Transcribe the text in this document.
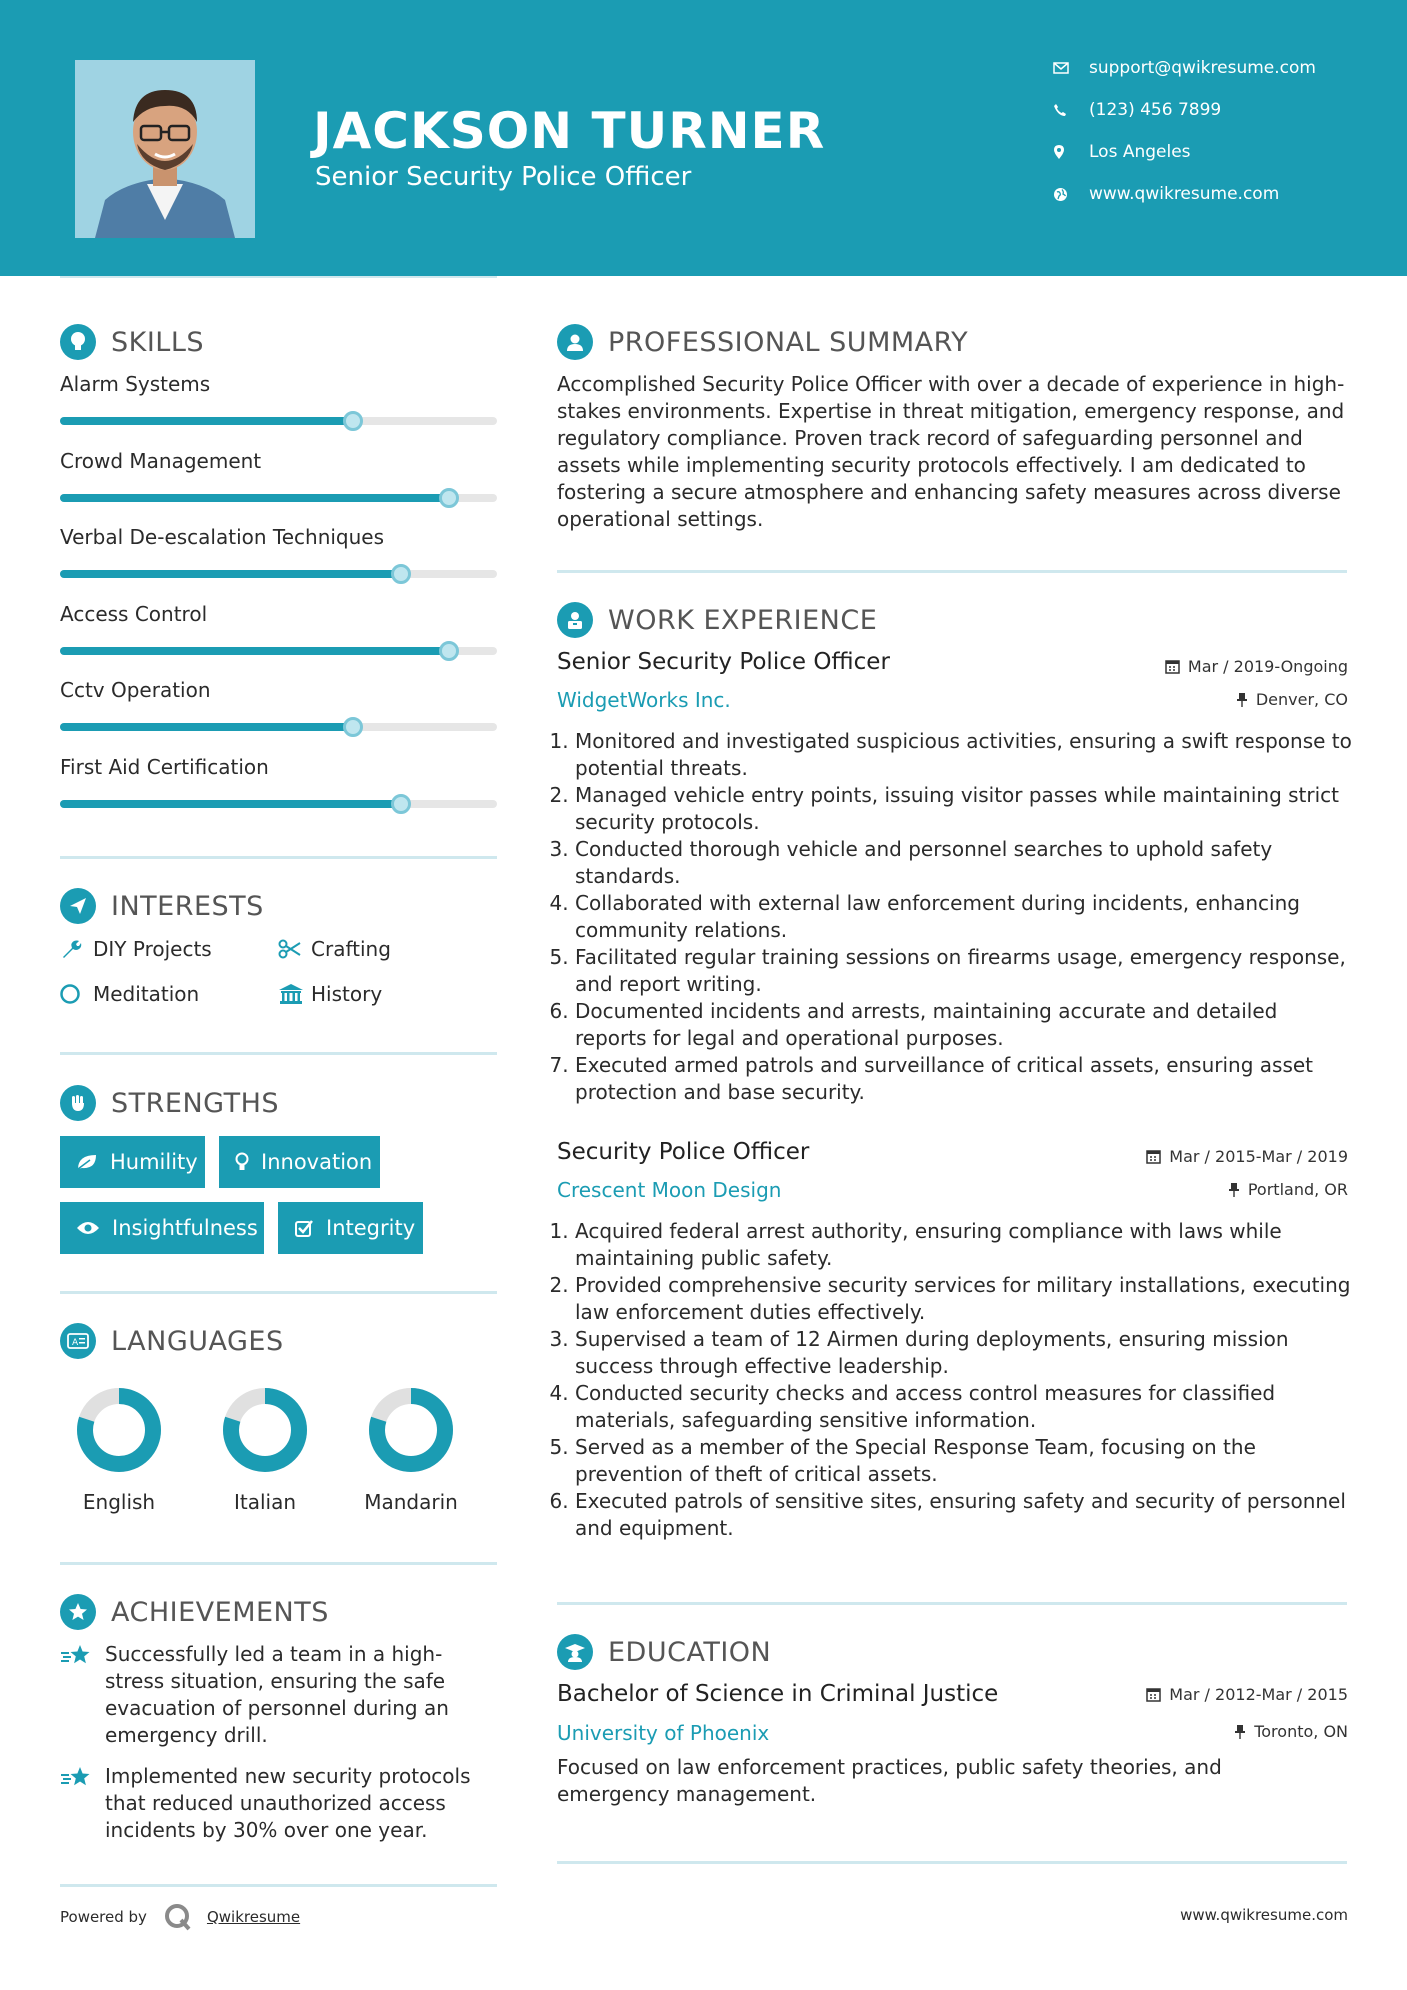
JACKSON TURNER
Senior Security Police Officer
support@qwikresume.com
(123) 456 7899
Los Angeles
www.qwikresume.com
SKILLS
Alarm Systems
Crowd Management
Verbal De-escalation Techniques
Access Control
Cctv Operation
First Aid Certification
INTERESTS
DIY Projects	Crafting
Meditation	History
STRENGTHS
Humility	Innovation
Insightfulness	Integrity
A LANGUAGES
English	Italian	Mandarin
ACHIEVEMENTS
Successfully led a team in a high-stress situation, ensuring the safe evacuation of personnel during an emergency drill.
Implemented new security protocols that reduced unauthorized access incidents by 30% over one year.
PROFESSIONAL SUMMARY
Accomplished Security Police Officer with over a decade of experience in high-stakes environments. Expertise in threat mitigation, emergency response, and regulatory compliance. Proven track record of safeguarding personnel and assets while implementing security protocols effectively. I am dedicated to fostering a secure atmosphere and enhancing safety measures across diverse operational settings.
WORK EXPERIENCE
Senior Security Police Officer	Mar / 2019-Ongoing
WidgetWorks Inc.	Denver, CO
1. Monitored and investigated suspicious activities, ensuring a swift response to potential threats.
2. Managed vehicle entry points, issuing visitor passes while maintaining strict security protocols.
3. Conducted thorough vehicle and personnel searches to uphold safety standards.
4. Collaborated with external law enforcement during incidents, enhancing community relations.
5. Facilitated regular training sessions on firearms usage, emergency response, and report writing.
6. Documented incidents and arrests, maintaining accurate and detailed reports for legal and operational purposes.
7. Executed armed patrols and surveillance of critical assets, ensuring asset protection and base security.
Security Police Officer	Mar / 2015-Mar / 2019
Crescent Moon Design	Portland, OR
1. Acquired federal arrest authority, ensuring compliance with laws while maintaining public safety.
2. Provided comprehensive security services for military installations, executing law enforcement duties effectively.
3. Supervised a team of 12 Airmen during deployments, ensuring mission success through effective leadership.
4. Conducted security checks and access control measures for classified materials, safeguarding sensitive information.
5. Served as a member of the Special Response Team, focusing on the prevention of theft of critical assets.
6. Executed patrols of sensitive sites, ensuring safety and security of personnel and equipment.
EDUCATION
Bachelor of Science in Criminal Justice	Mar / 2012-Mar / 2015
University of Phoenix	Toronto, ON
Focused on law enforcement practices, public safety theories, and emergency management.
Powered by	Qwikresume	www.qwikresume.com
